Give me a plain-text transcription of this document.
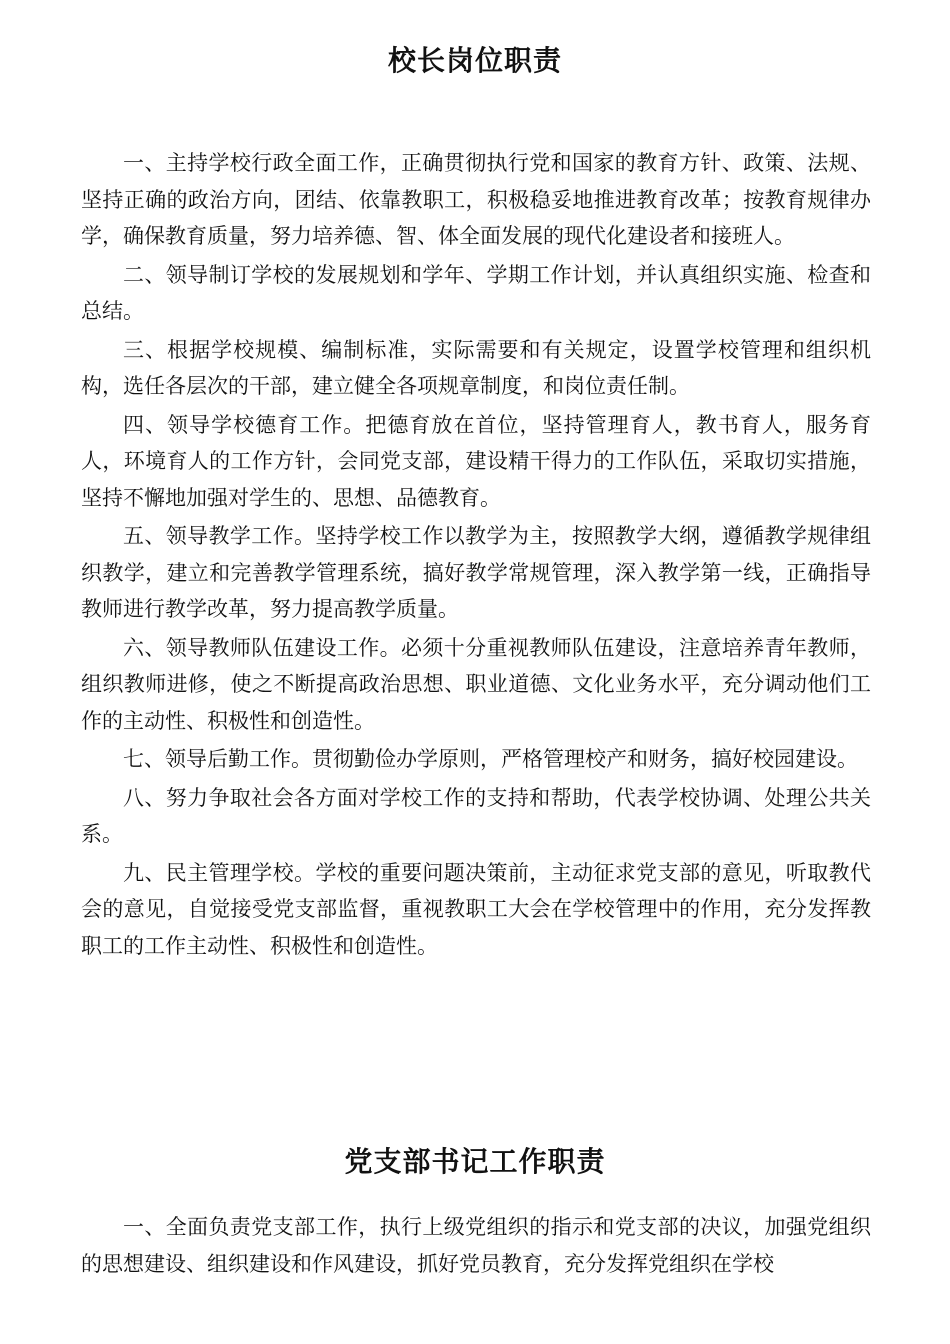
校长岗位职责

一、主持学校行政全面工作，正确贯彻执行党和国家的教育方针、政策、法规、坚持正确的政治方向，团结、依靠教职工，积极稳妥地推进教育改革；按教育规律办学，确保教育质量，努力培养德、智、体全面发展的现代化建设者和接班人。

二、领导制订学校的发展规划和学年、学期工作计划，并认真组织实施、检查和总结。

三、根据学校规模、编制标准，实际需要和有关规定，设置学校管理和组织机构，选任各层次的干部，建立健全各项规章制度，和岗位责任制。

四、领导学校德育工作。把德育放在首位，坚持管理育人，教书育人，服务育人，环境育人的工作方针，会同党支部，建设精干得力的工作队伍，采取切实措施，坚持不懈地加强对学生的、思想、品德教育。

五、领导教学工作。坚持学校工作以教学为主，按照教学大纲，遵循教学规律组织教学，建立和完善教学管理系统，搞好教学常规管理，深入教学第一线，正确指导教师进行教学改革，努力提高教学质量。

六、领导教师队伍建设工作。必须十分重视教师队伍建设，注意培养青年教师，组织教师进修，使之不断提高政治思想、职业道德、文化业务水平，充分调动他们工作的主动性、积极性和创造性。

七、领导后勤工作。贯彻勤俭办学原则，严格管理校产和财务，搞好校园建设。

八、努力争取社会各方面对学校工作的支持和帮助，代表学校协调、处理公共关系。

九、民主管理学校。学校的重要问题决策前，主动征求党支部的意见，听取教代会的意见，自觉接受党支部监督，重视教职工大会在学校管理中的作用，充分发挥教职工的工作主动性、积极性和创造性。

党支部书记工作职责

一、全面负责党支部工作，执行上级党组织的指示和党支部的决议，加强党组织的思想建设、组织建设和作风建设，抓好党员教育，充分发挥党组织在学校
